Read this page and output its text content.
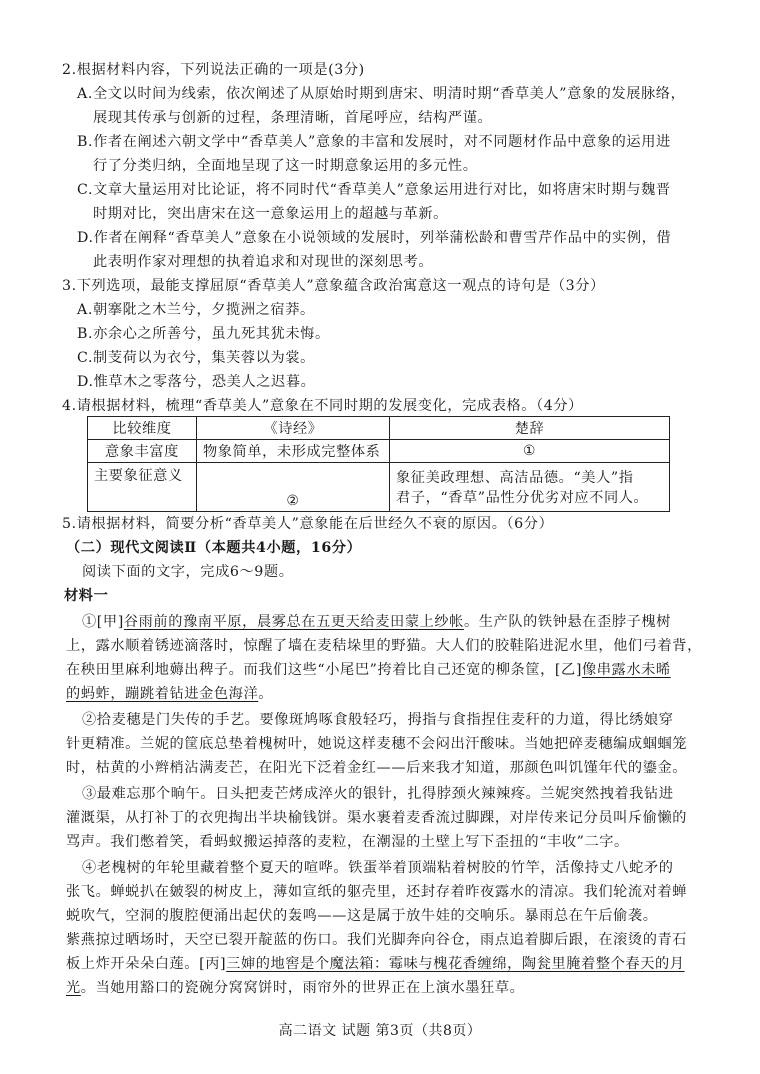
2.根据材料内容，下列说法正确的一项是(3分)
A.全文以时间为线索，依次阐述了从原始时期到唐宋、明清时期“香草美人”意象的发展脉络，
展现其传承与创新的过程，条理清晰，首尾呼应，结构严谨。
B.作者在阐述六朝文学中“香草美人”意象的丰富和发展时，对不同题材作品中意象的运用进
行了分类归纳，全面地呈现了这一时期意象运用的多元性。
C.文章大量运用对比论证，将不同时代“香草美人”意象运用进行对比，如将唐宋时期与魏晋
时期对比，突出唐宋在这一意象运用上的超越与革新。
D.作者在阐释“香草美人”意象在小说领域的发展时，列举蒲松龄和曹雪芹作品中的实例，借
此表明作家对理想的执着追求和对现世的深刻思考。
3.下列选项，最能支撑屈原“香草美人”意象蕴含政治寓意这一观点的诗句是（3分）
A.朝搴阰之木兰兮，夕揽洲之宿莽。
B.亦余心之所善兮，虽九死其犹未悔。
C.制芰荷以为衣兮，集芙蓉以为裳。
D.惟草木之零落兮，恐美人之迟暮。
4.请根据材料，梳理“香草美人”意象在不同时期的发展变化，完成表格。（4分）
比较维度	《诗经》	楚辞
意象丰富度	物象简单，未形成完整体系	①
主要象征意义	②	象征美政理想、高洁品德。“美人”指
君子，“香草”品性分优劣对应不同人。
5.请根据材料，简要分析“香草美人”意象能在后世经久不衰的原因。（6分）
（二）现代文阅读Ⅱ（本题共4小题，16分）
阅读下面的文字，完成6～9题。
材料一
①[甲]谷雨前的豫南平原，晨雾总在五更天给麦田蒙上纱帐。生产队的铁钟悬在歪脖子槐树
上，露水顺着锈迹滴落时，惊醒了墙在麦秸垛里的野猫。大人们的胶鞋陷进泥水里，他们弓着背，
在秧田里麻利地薅出稗子。而我们这些“小尾巴”挎着比自己还宽的柳条筐，[乙]像串露水未晞
的蚂蚱，蹦跳着钻进金色海洋。
②拾麦穗是门失传的手艺。要像斑鸠啄食般轻巧，拇指与食指捏住麦秆的力道，得比绣娘穿
针更精准。兰妮的筐底总垫着槐树叶，她说这样麦穗不会闷出汗酸味。当她把碎麦穗编成蝈蝈笼
时，枯黄的小辫梢沾满麦芒，在阳光下泛着金红——后来我才知道，那颜色叫饥馑年代的鎏金。
③最难忘那个晌午。日头把麦芒烤成淬火的银针，扎得脖颈火辣辣疼。兰妮突然拽着我钻进
灌溉渠，从打补丁的衣兜掏出半块榆钱饼。渠水裹着麦香流过脚踝，对岸传来记分员叫斥偷懒的
骂声。我们憋着笑，看蚂蚁搬运掉落的麦粒，在潮湿的土壁上写下歪扭的“丰收”二字。
④老槐树的年轮里藏着整个夏天的喧哗。铁蛋举着顶端粘着树胶的竹竿，活像持丈八蛇矛的
张飞。蝉蜕扒在皴裂的树皮上，薄如宣纸的躯壳里，还封存着昨夜露水的清凉。我们轮流对着蝉
蜕吹气，空洞的腹腔便涌出起伏的轰鸣——这是属于放牛娃的交响乐。暴雨总在午后偷袭。
紫燕掠过晒场时，天空已裂开靛蓝的伤口。我们光脚奔向谷仓，雨点追着脚后跟，在滚烫的青石
板上炸开朵朵白莲。[丙]三婶的地窖是个魔法箱：霉味与槐花香缠绵，陶瓮里腌着整个春天的月
光。当她用豁口的瓷碗分窝窝饼时，雨帘外的世界正在上演水墨狂草。
高二语文 试题 第3页（共8页）
